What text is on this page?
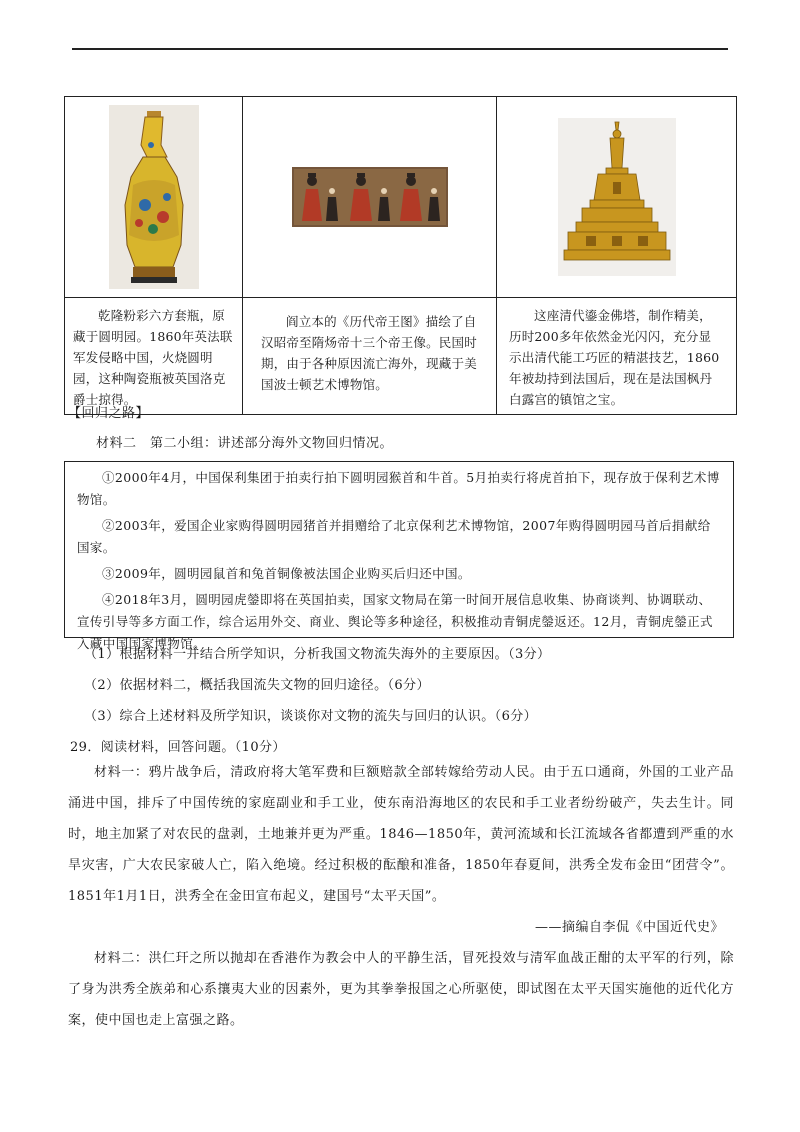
乾隆粉彩六方套瓶，原藏于圆明园。1860年英法联军发侵略中国，火烧圆明园，这种陶瓷瓶被英国洛克爵士掠得。	阎立本的《历代帝王图》描绘了自汉昭帝至隋炀帝十三个帝王像。民国时期，由于各种原因流亡海外，现藏于美国波士顿艺术博物馆。	这座清代鎏金佛塔，制作精美，历时200多年依然金光闪闪，充分显示出清代能工巧匠的精湛技艺，1860年被劫持到法国后，现在是法国枫丹白露宫的镇馆之宝。

【回归之路】
材料二　第二小组：讲述部分海外文物回归情况。

①2000年4月，中国保利集团于拍卖行拍下圆明园猴首和牛首。5月拍卖行将虎首拍下，现存放于保利艺术博物馆。

②2003年，爱国企业家购得圆明园猪首并捐赠给了北京保利艺术博物馆，2007年购得圆明园马首后捐献给国家。

③2009年，圆明园鼠首和兔首铜像被法国企业购买后归还中国。

④2018年3月，圆明园虎鎣即将在英国拍卖，国家文物局在第一时间开展信息收集、协商谈判、协调联动、宣传引导等多方面工作，综合运用外交、商业、舆论等多种途径，积极推动青铜虎鎣返还。12月，青铜虎鎣正式入藏中国国家博物馆。

（1）根据材料一并结合所学知识，分析我国文物流失海外的主要原因。（3分）
（2）依据材料二，概括我国流失文物的回归途径。（6分）
（3）综合上述材料及所学知识，谈谈你对文物的流失与回归的认识。（6分）
29．阅读材料，回答问题。（10分）

材料一：鸦片战争后，清政府将大笔军费和巨额赔款全部转嫁给劳动人民。由于五口通商，外国的工业产品涌进中国，排斥了中国传统的家庭副业和手工业，使东南沿海地区的农民和手工业者纷纷破产，失去生计。同时，地主加紧了对农民的盘剥，土地兼并更为严重。1846—1850年，黄河流域和长江流域各省都遭到严重的水旱灾害，广大农民家破人亡，陷入绝境。经过积极的酝酿和准备，1850年春夏间，洪秀全发布金田“团营令”。1851年1月1日，洪秀全在金田宣布起义，建国号“太平天国”。

——摘编自李侃《中国近代史》

材料二：洪仁玕之所以抛却在香港作为教会中人的平静生活，冒死投效与清军血战正酣的太平军的行列，除了身为洪秀全族弟和心系攘夷大业的因素外，更为其拳拳报国之心所驱使，即试图在太平天国实施他的近代化方案，使中国也走上富强之路。
